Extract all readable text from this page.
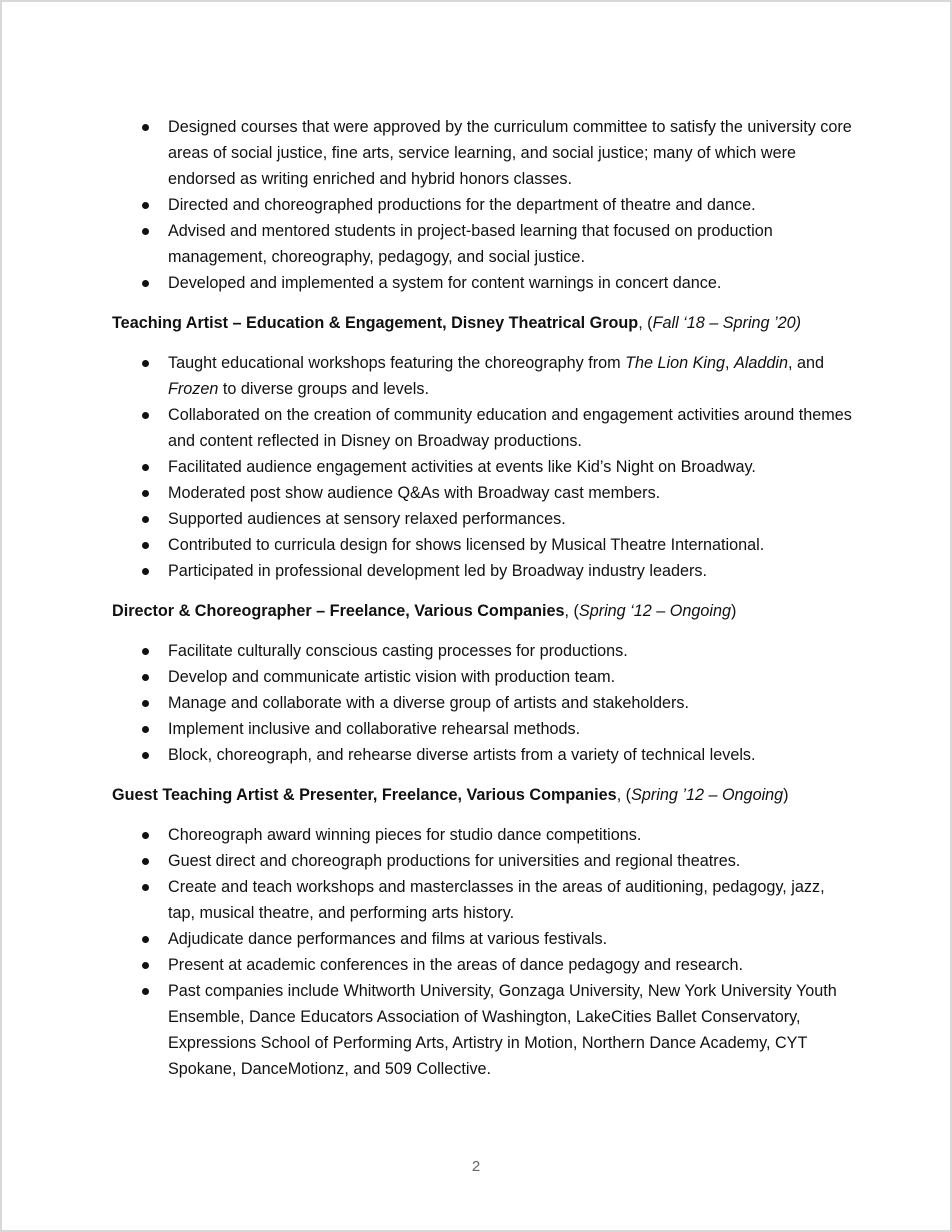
Designed courses that were approved by the curriculum committee to satisfy the university core areas of social justice, fine arts, service learning, and social justice; many of which were endorsed as writing enriched and hybrid honors classes.
Directed and choreographed productions for the department of theatre and dance.
Advised and mentored students in project-based learning that focused on production management, choreography, pedagogy, and social justice.
Developed and implemented a system for content warnings in concert dance.
Teaching Artist – Education & Engagement, Disney Theatrical Group, (Fall ‘18 – Spring ’20)
Taught educational workshops featuring the choreography from The Lion King, Aladdin, and Frozen to diverse groups and levels.
Collaborated on the creation of community education and engagement activities around themes and content reflected in Disney on Broadway productions.
Facilitated audience engagement activities at events like Kid’s Night on Broadway.
Moderated post show audience Q&As with Broadway cast members.
Supported audiences at sensory relaxed performances.
Contributed to curricula design for shows licensed by Musical Theatre International.
Participated in professional development led by Broadway industry leaders.
Director & Choreographer – Freelance, Various Companies, (Spring ‘12 – Ongoing)
Facilitate culturally conscious casting processes for productions.
Develop and communicate artistic vision with production team.
Manage and collaborate with a diverse group of artists and stakeholders.
Implement inclusive and collaborative rehearsal methods.
Block, choreograph, and rehearse diverse artists from a variety of technical levels.
Guest Teaching Artist & Presenter, Freelance, Various Companies, (Spring ’12 – Ongoing)
Choreograph award winning pieces for studio dance competitions.
Guest direct and choreograph productions for universities and regional theatres.
Create and teach workshops and masterclasses in the areas of auditioning, pedagogy, jazz, tap, musical theatre, and performing arts history.
Adjudicate dance performances and films at various festivals.
Present at academic conferences in the areas of dance pedagogy and research.
Past companies include Whitworth University, Gonzaga University, New York University Youth Ensemble, Dance Educators Association of Washington, LakeCities Ballet Conservatory, Expressions School of Performing Arts, Artistry in Motion, Northern Dance Academy, CYT Spokane, DanceMotionz, and 509 Collective.
2
